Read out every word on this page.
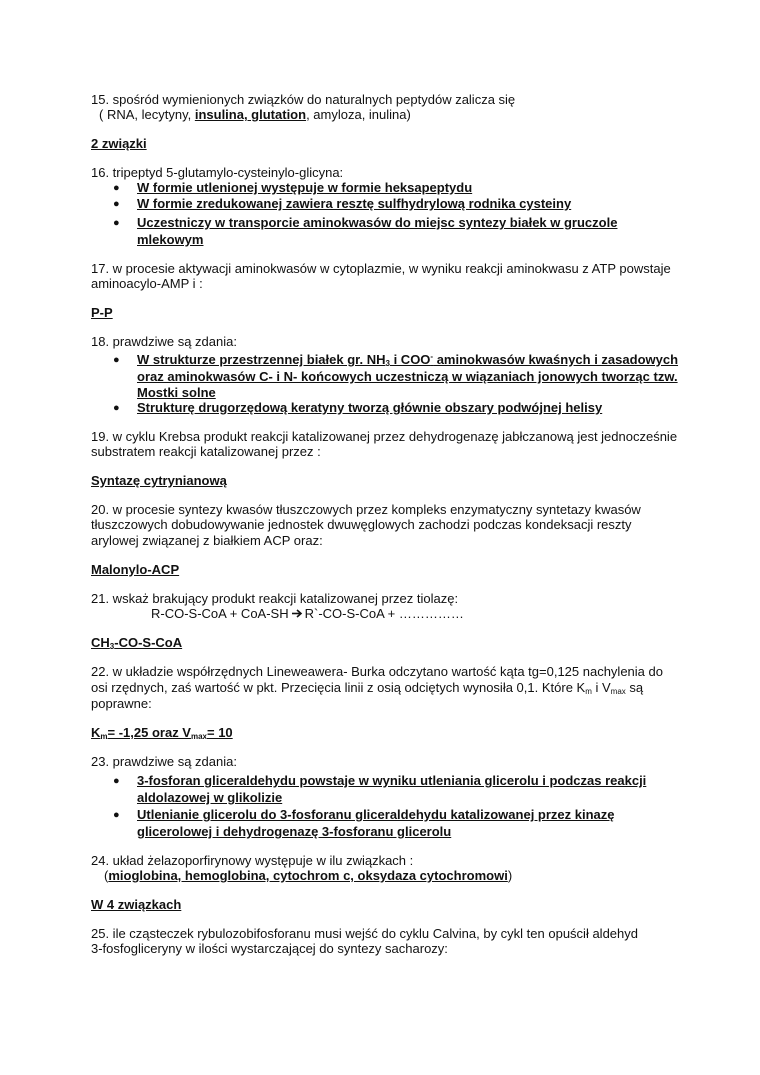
15. spośród wymienionych związków do naturalnych peptydów zalicza się
( RNA, lecytyny, insulina, glutation, amyloza, inulina)
2 związki
16. tripeptyd 5-glutamylo-cysteinylo-glicyna:
● W formie utlenionej występuje w formie heksapeptydu
● W formie zredukowanej zawiera resztę sulfhydrylową rodnika cysteiny
● Uczestniczy w transporcie aminokwasów do miejsc syntezy białek w gruczole
mlekowym
17. w procesie aktywacji aminokwasów w cytoplazmie, w wyniku reakcji aminokwasu z ATP powstaje
aminoacylo-AMP i :
P-P
18. prawdziwe są zdania:
● W strukturze przestrzennej białek gr. $NH_3$ i COO- aminokwasów kwaśnych i zasadowych
oraz aminokwasów C- i N- końcowych uczestniczą w wiązaniach jonowych tworząc tzw.
Mostki solne
● Strukturę drugorzędową keratyny tworzą głównie obszary podwójnej helisy
19. w cyklu Krebsa produkt reakcji katalizowanej przez dehydrogenazę jabłczanową jest jednocześnie
substratem reakcji katalizowanej przez :
Syntazę cytrynianową
20. w procesie syntezy kwasów tłuszczowych przez kompleks enzymatyczny syntetazy kwasów
tłuszczowych dobudowywanie jednostek dwuwęglowych zachodzi podczas kondeksacji reszty
arylowej związanej z białkiem ACP oraz:
Malonylo-ACP
21. wskaż brakujący produkt reakcji katalizowanej przez tiolazę:
R-CO-S-CoA + CoA-SH R`-CO-S-CoA + ……………
$CH_3-CO-S$-CoA
22. w układzie współrzędnych Lineweawera- Burka odczytano wartość kąta tg=0,125 nachylenia do
osi rzędnych, zaś wartość w pkt. Przecięcia linii z osią odciętych wynosiła 0,1. Które $K_m$ i $V_{max}$ są
poprawne:
$K_m= -1,25$ oraz $V_{max}= 10$
23. prawdziwe są zdania:
● 3-fosforan gliceraldehydu powstaje w wyniku utleniania glicerolu i podczas reakcji
aldolazowej w glikolizie
● Utlenianie glicerolu do 3-fosforanu gliceraldehydu katalizowanej przez kinazę
glicerolowej i dehydrogenazę 3-fosforanu glicerolu
24. układ żelazoporfirynowy występuje w ilu związkach :
(mioglobina, hemoglobina, cytochrom c, oksydaza cytochromowi)
W 4 związkach
25. ile cząsteczek rybulozobifosforanu musi wejść do cyklu Calvina, by cykl ten opuścił aldehyd
3-fosfogliceryny w ilości wystarczającej do syntezy sacharozy:
